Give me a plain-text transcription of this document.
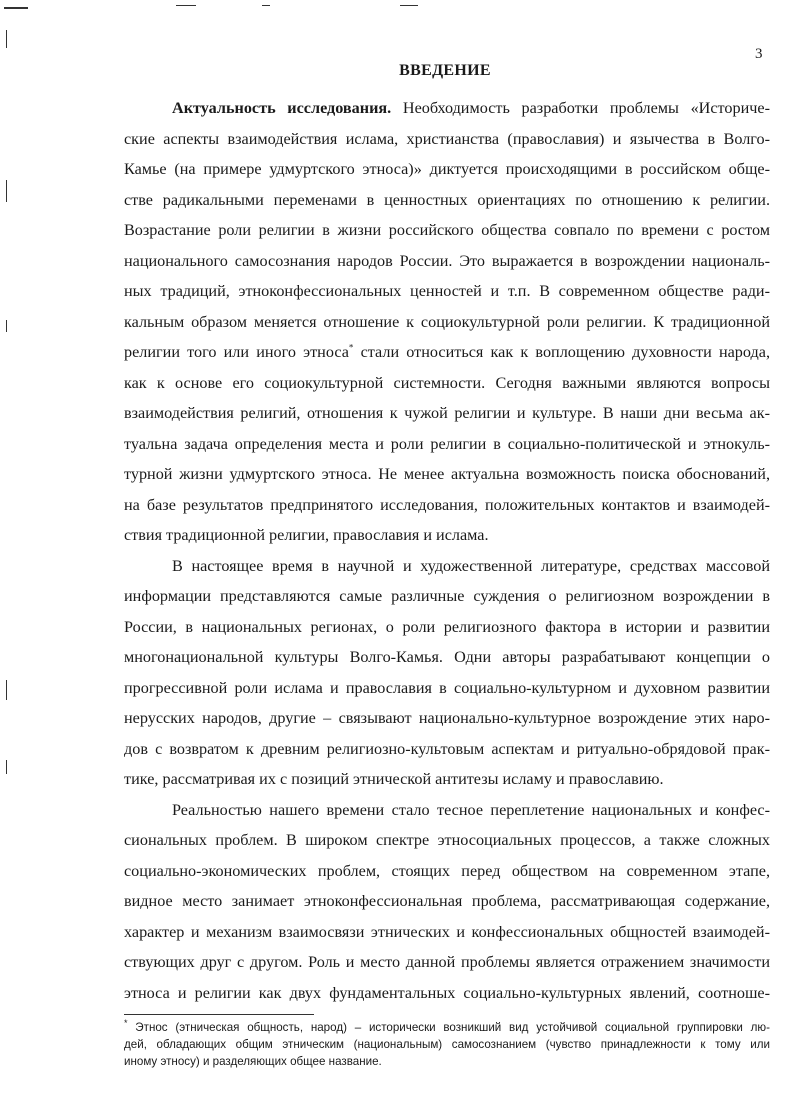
3
ВВЕДЕНИЕ
Актуальность исследования. Необходимость разработки проблемы «Историче-
ские аспекты взаимодействия ислама, христианства (православия) и язычества в Волго-
Камье (на примере удмуртского этноса)» диктуется происходящими в российском обще-
стве радикальными переменами в ценностных ориентациях по отношению к религии.
Возрастание роли религии в жизни российского общества совпало по времени с ростом
национального самосознания народов России. Это выражается в возрождении националь-
ных традиций, этноконфессиональных ценностей и т.п. В современном обществе ради-
кальным образом меняется отношение к социокультурной роли религии. К традиционной
религии того или иного этноса* стали относиться как к воплощению духовности народа,
как к основе его социокультурной системности. Сегодня важными являются вопросы
взаимодействия религий, отношения к чужой религии и культуре. В наши дни весьма ак-
туальна задача определения места и роли религии в социально-политической и этнокуль-
турной жизни удмуртского этноса. Не менее актуальна возможность поиска обоснований,
на базе результатов предпринятого исследования, положительных контактов и взаимодей-
ствия традиционной религии, православия и ислама.
В настоящее время в научной и художественной литературе, средствах массовой
информации представляются самые различные суждения о религиозном возрождении в
России, в национальных регионах, о роли религиозного фактора в истории и развитии
многонациональной культуры Волго-Камья. Одни авторы разрабатывают концепции о
прогрессивной роли ислама и православия в социально-культурном и духовном развитии
нерусских народов, другие – связывают национально-культурное возрождение этих наро-
дов с возвратом к древним религиозно-культовым аспектам и ритуально-обрядовой прак-
тике, рассматривая их с позиций этнической антитезы исламу и православию.
Реальностью нашего времени стало тесное переплетение национальных и конфес-
сиональных проблем. В широком спектре этносоциальных процессов, а также сложных
социально-экономических проблем, стоящих перед обществом на современном этапе,
видное место занимает этноконфессиональная проблема, рассматривающая содержание,
характер и механизм взаимосвязи этнических и конфессиональных общностей взаимодей-
ствующих друг с другом. Роль и место данной проблемы является отражением значимости
этноса и религии как двух фундаментальных социально-культурных явлений, соотноше-
* Этнос (этническая общность, народ) – исторически возникший вид устойчивой социальной группировки лю-
дей, обладающих общим этническим (национальным) самосознанием (чувство принадлежности к тому или
иному этносу) и разделяющих общее название.
